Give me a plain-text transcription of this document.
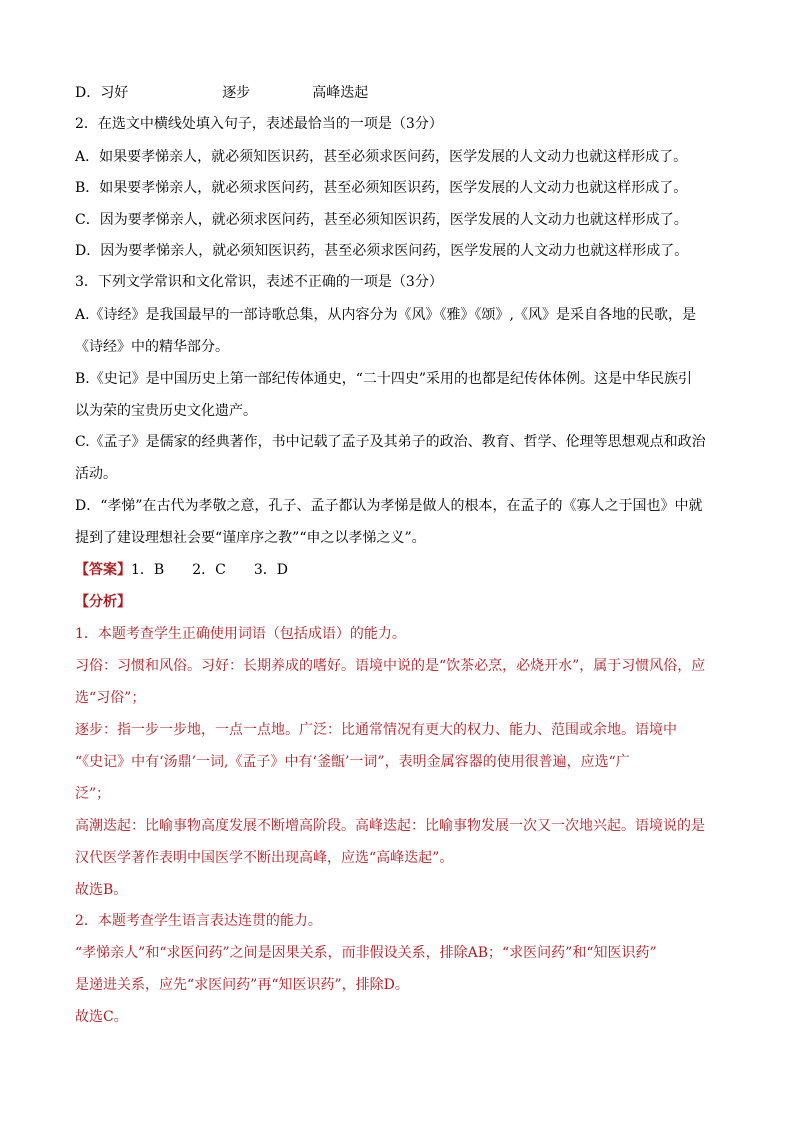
D．习好	逐步	高峰迭起
2．在选文中横线处填入句子，表述最恰当的一项是（3分）
A．如果要孝悌亲人，就必须知医识药，甚至必须求医问药，医学发展的人文动力也就这样形成了。
B．如果要孝悌亲人，就必须求医问药，甚至必须知医识药，医学发展的人文动力也就这样形成了。
C．因为要孝悌亲人，就必须求医问药，甚至必须知医识药，医学发展的人文动力也就这样形成了。
D．因为要孝悌亲人，就必须知医识药，甚至必须求医问药，医学发展的人文动力也就这样形成了。
3．下列文学常识和文化常识，表述不正确的一项是（3分）
A.《诗经》是我国最早的一部诗歌总集，从内容分为《风》《雅》《颂》,《风》是采自各地的民歌，是
《诗经》中的精华部分。
B.《史记》是中国历史上第一部纪传体通史，“二十四史”采用的也都是纪传体体例。这是中华民族引
以为荣的宝贵历史文化遗产。
C.《孟子》是儒家的经典著作，书中记载了孟子及其弟子的政治、教育、哲学、伦理等思想观点和政治
活动。
D．“孝悌”在古代为孝敬之意，孔子、孟子都认为孝悌是做人的根本，在孟子的《寡人之于国也》中就
提到了建设理想社会要“谨庠序之教”“申之以孝悌之义”。
【答案】1．B 2．C 3．D
【分析】
1．本题考查学生正确使用词语（包括成语）的能力。
习俗：习惯和风俗。习好：长期养成的嗜好。语境中说的是“饮茶必烹，必烧开水”，属于习惯风俗，应
选“习俗”；
逐步：指一步一步地，一点一点地。广泛：比通常情况有更大的权力、能力、范围或余地。语境中
“《史记》中有‘汤鼎’一词,《孟子》中有‘釜甑’一词”，表明金属容器的使用很普遍，应选“广
泛”；
高潮迭起：比喻事物高度发展不断增高阶段。高峰迭起：比喻事物发展一次又一次地兴起。语境说的是
汉代医学著作表明中国医学不断出现高峰，应选“高峰迭起”。
故选B。
2．本题考查学生语言表达连贯的能力。
“孝悌亲人”和“求医问药”之间是因果关系，而非假设关系，排除AB；“求医问药”和“知医识药”
是递进关系，应先“求医问药”再“知医识药”，排除D。
故选C。
